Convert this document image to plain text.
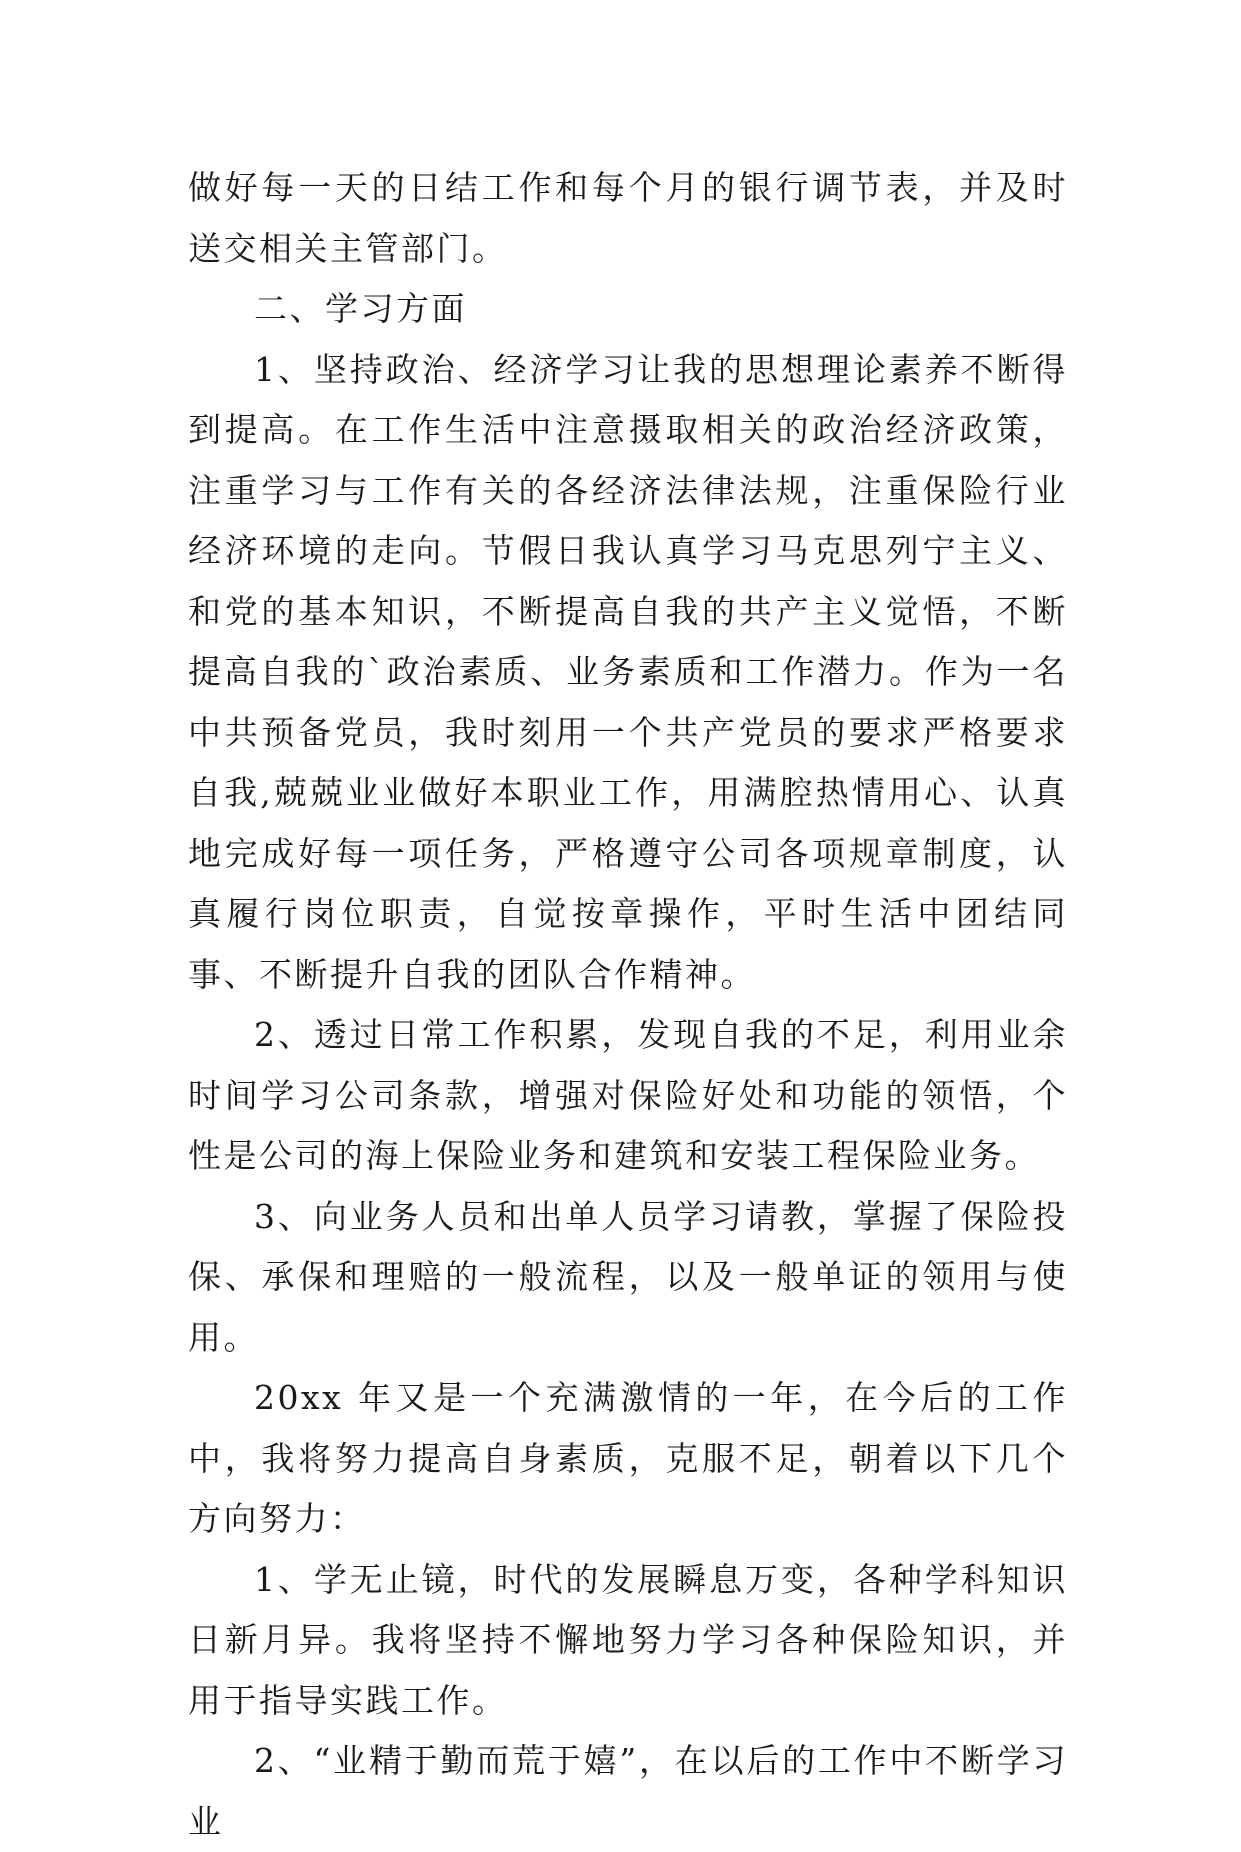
做好每一天的日结工作和每个月的银行调节表，并及时送交相关主管部门。

二、学习方面

1、坚持政治、经济学习让我的思想理论素养不断得到提高。在工作生活中注意摄取相关的政治经济政策，注重学习与工作有关的各经济法律法规，注重保险行业经济环境的走向。节假日我认真学习马克思列宁主义、和党的基本知识，不断提高自我的共产主义觉悟，不断提高自我的`政治素质、业务素质和工作潜力。作为一名中共预备党员，我时刻用一个共产党员的要求严格要求自我,兢兢业业做好本职业工作，用满腔热情用心、认真地完成好每一项任务，严格遵守公司各项规章制度，认真履行岗位职责，自觉按章操作，平时生活中团结同事、不断提升自我的团队合作精神。

2、透过日常工作积累，发现自我的不足，利用业余时间学习公司条款，增强对保险好处和功能的领悟，个性是公司的海上保险业务和建筑和安装工程保险业务。

3、向业务人员和出单人员学习请教，掌握了保险投保、承保和理赔的一般流程，以及一般单证的领用与使用。

20xx 年又是一个充满激情的一年，在今后的工作中，我将努力提高自身素质，克服不足，朝着以下几个方向努力：

1、学无止镜，时代的发展瞬息万变，各种学科知识日新月异。我将坚持不懈地努力学习各种保险知识，并用于指导实践工作。

2、“业精于勤而荒于嬉”，在以后的工作中不断学习业
